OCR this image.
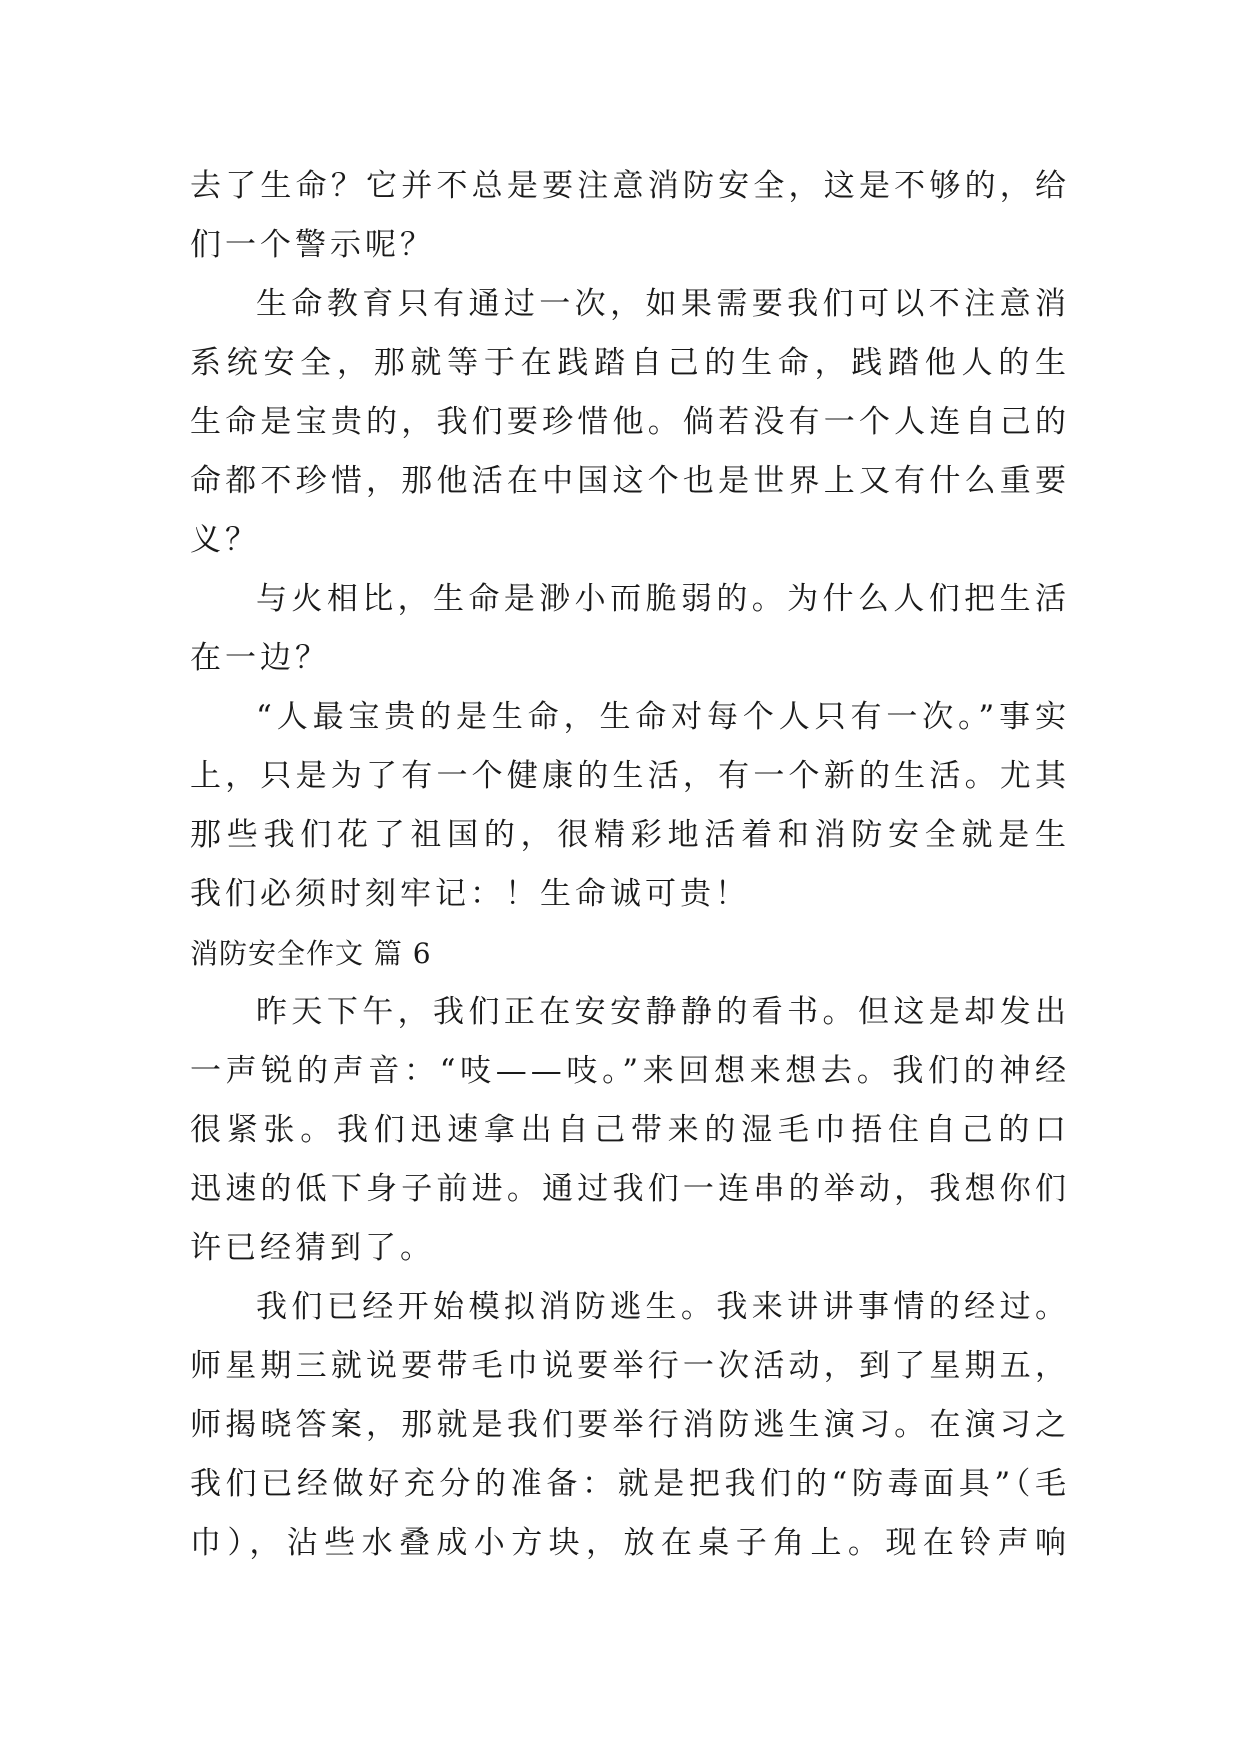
去了生命？它并不总是要注意消防安全，这是不够的，给
们一个警示呢？
生命教育只有通过一次，如果需要我们可以不注意消
系统安全，那就等于在践踏自己的生命，践踏他人的生
生命是宝贵的，我们要珍惜他。倘若没有一个人连自己的
命都不珍惜，那他活在中国这个也是世界上又有什么重要
义？
与火相比，生命是渺小而脆弱的。为什么人们把生活
在一边？
“人最宝贵的是生命，生命对每个人只有一次。”事实
上，只是为了有一个健康的生活，有一个新的生活。尤其
那些我们花了祖国的，很精彩地活着和消防安全就是生
我们必须时刻牢记：！生命诚可贵！
消防安全作文 篇 6
昨天下午，我们正在安安静静的看书。但这是却发出
一声锐的声音：“吱——吱。”来回想来想去。我们的神经
很紧张。我们迅速拿出自己带来的湿毛巾捂住自己的口
迅速的低下身子前进。通过我们一连串的举动，我想你们
许已经猜到了。
我们已经开始模拟消防逃生。我来讲讲事情的经过。
师星期三就说要带毛巾说要举行一次活动，到了星期五，
师揭晓答案，那就是我们要举行消防逃生演习。在演习之
我们已经做好充分的准备：就是把我们的“防毒面具”（毛
巾），沾些水叠成小方块，放在桌子角上。现在铃声响
